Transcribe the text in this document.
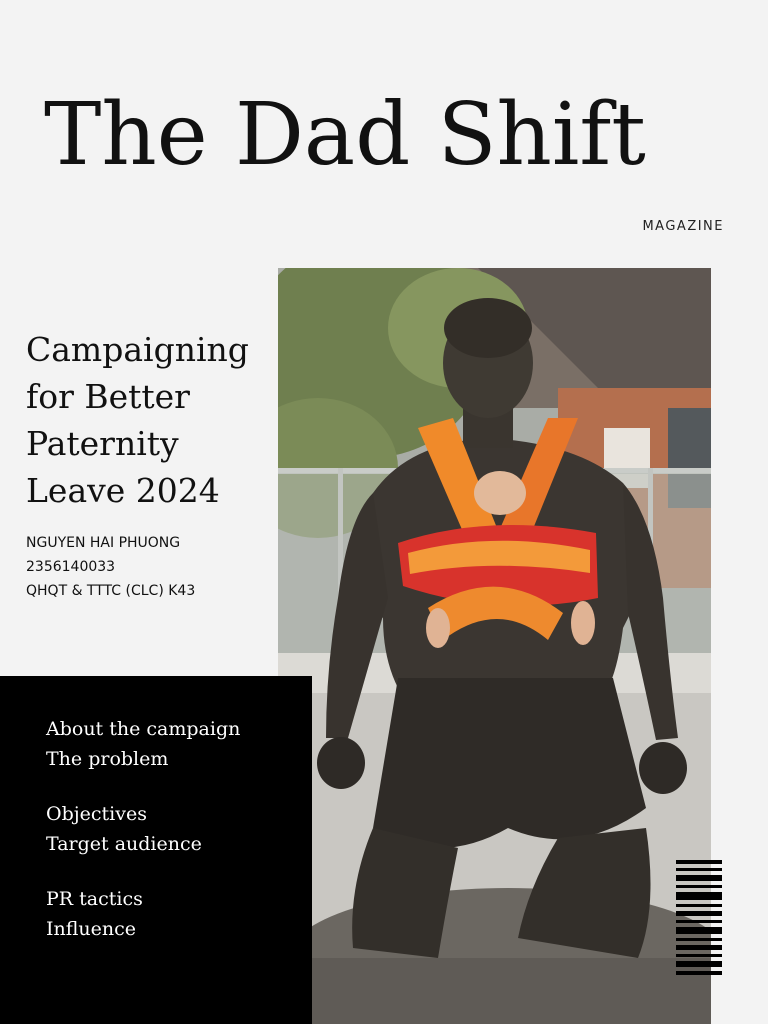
The Dad Shift
MAGAZINE
Campaigning for Better Paternity Leave 2024
NGUYEN HAI PHUONG
2356140033
QHQT & TTTC (CLC) K43
About the campaign
The problem
Objectives
Target audience
PR tactics
Influence
